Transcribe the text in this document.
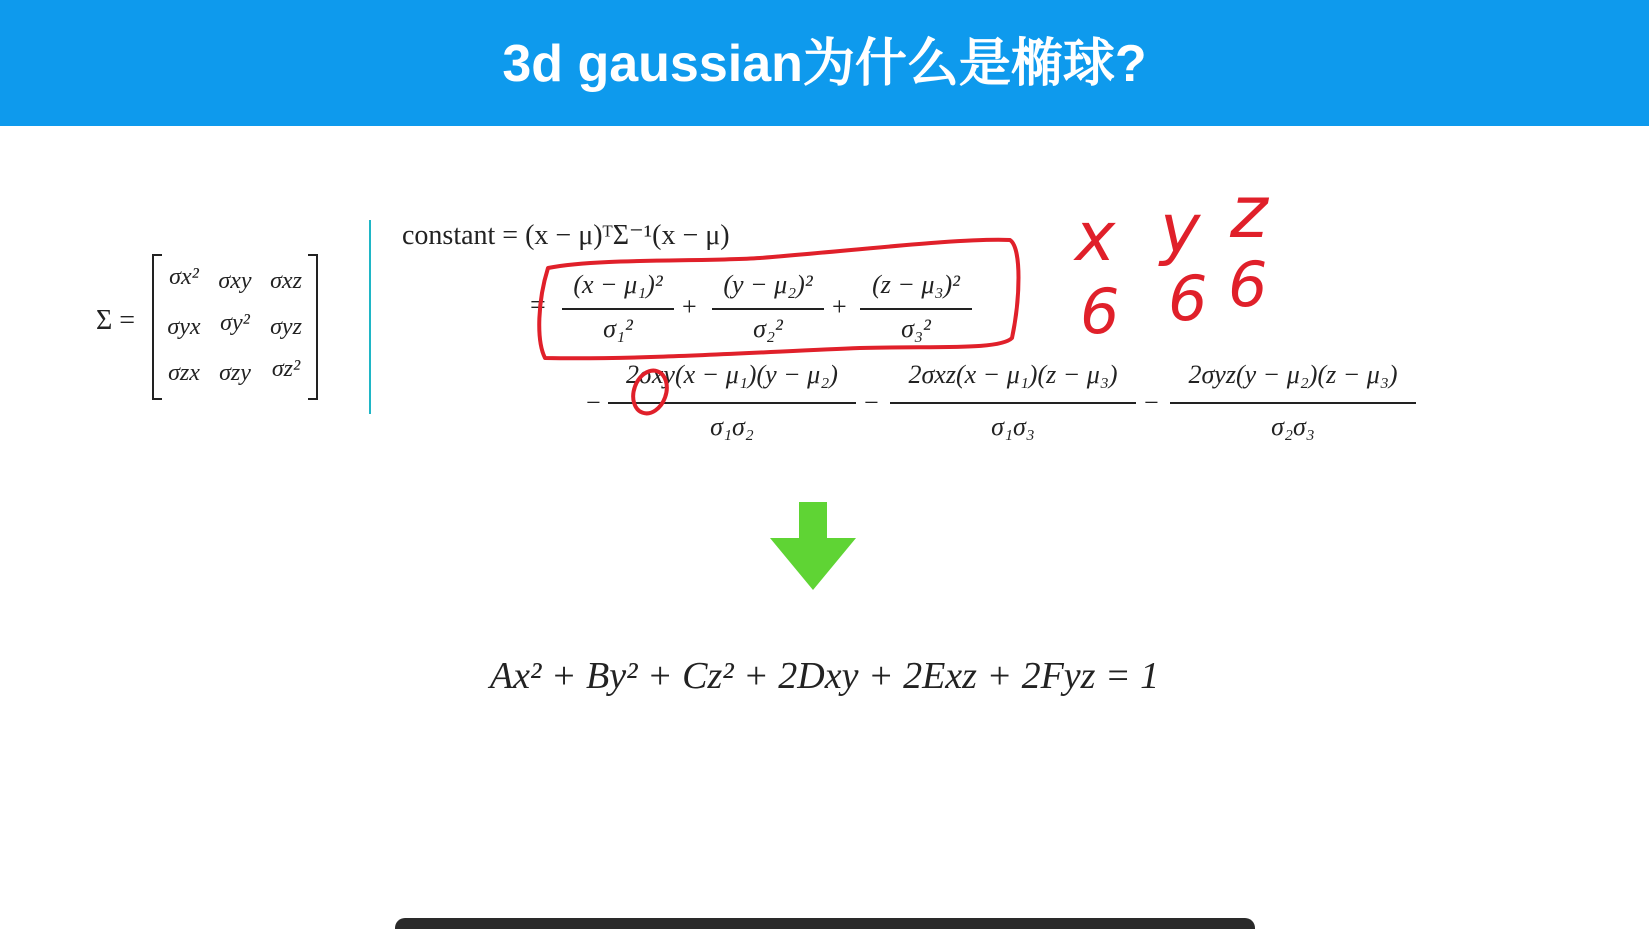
3d gaussian为什么是椭球?
Σ =
σx² σxy σxz
σyx σy² σyz
σzx σzy σz²
constant = (x − μ)ᵀΣ⁻¹(x − μ)
=
(x − μ₁)²
σ₁²
+
(y − μ₂)²
σ₂²
+
(z − μ₃)²
σ₃²
−
2σxy(x − μ₁)(y − μ₂)
σ₁σ₂
−
2σxz(x − μ₁)(z − μ₃)
σ₁σ₃
−
2σyz(y − μ₂)(z − μ₃)
σ₂σ₃
x y z
6 6 6
Ax² + By² + Cz² + 2Dxy + 2Exz + 2Fyz = 1
